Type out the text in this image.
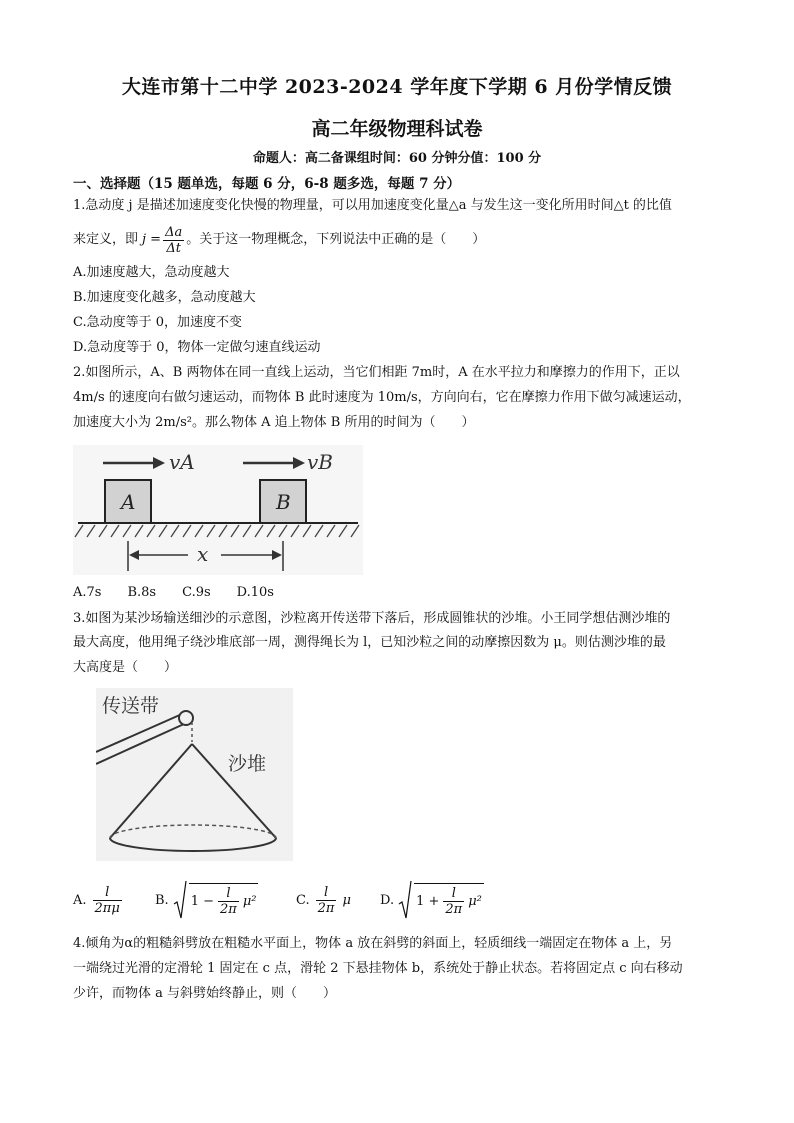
大连市第十二中学 2023-2024 学年度下学期 6 月份学情反馈
高二年级物理科试卷
命题人：高二备课组时间：60 分钟分值：100 分
一、选择题（15 题单选，每题 6 分，6-8 题多选，每题 7 分）
1.急动度 j 是描述加速度变化快慢的物理量，可以用加速度变化量△a 与发生这一变化所用时间△t 的比值
来定义，即 $j = \frac{\Delta a}{\Delta t}$ 。关于这一物理概念，下列说法中正确的是（　　）
A.加速度越大，急动度越大
B.加速度变化越多，急动度越大
C.急动度等于 0，加速度不变
D.急动度等于 0，物体一定做匀速直线运动
2.如图所示，A、B 两物体在同一直线上运动，当它们相距 7m时，A 在水平拉力和摩擦力的作用下，正以
4m/s 的速度向右做匀速运动，而物体 B 此时速度为 10m/s，方向向右，它在摩擦力作用下做匀减速运动，
加速度大小为 2m/s²。那么物体 A 追上物体 B 所用的时间为（　　）
vA	vB
A	B
x
A.7s　　B.8s　　C.9s　　D.10s
3.如图为某沙场输送细沙的示意图，沙粒离开传送带下落后，形成圆锥状的沙堆。小王同学想估测沙堆的
最大高度，他用绳子绕沙堆底部一周，测得绳长为 l，已知沙粒之间的动摩擦因数为 μ。则估测沙堆的最
大高度是（　　）
传送带
沙堆
A. $\frac{l}{2\pi\mu}$	B. $1 - \frac{l}{2\pi} \mu^2$	C. $\frac{l}{2\pi}$ μ D. $1 + \frac{l}{2\pi} \mu^2$
4.倾角为α的粗糙斜劈放在粗糙水平面上，物体 a 放在斜劈的斜面上，轻质细线一端固定在物体 a 上，另
一端绕过光滑的定滑轮 1 固定在 c 点，滑轮 2 下悬挂物体 b，系统处于静止状态。若将固定点 c 向右移动
少许，而物体 a 与斜劈始终静止，则（　　）
